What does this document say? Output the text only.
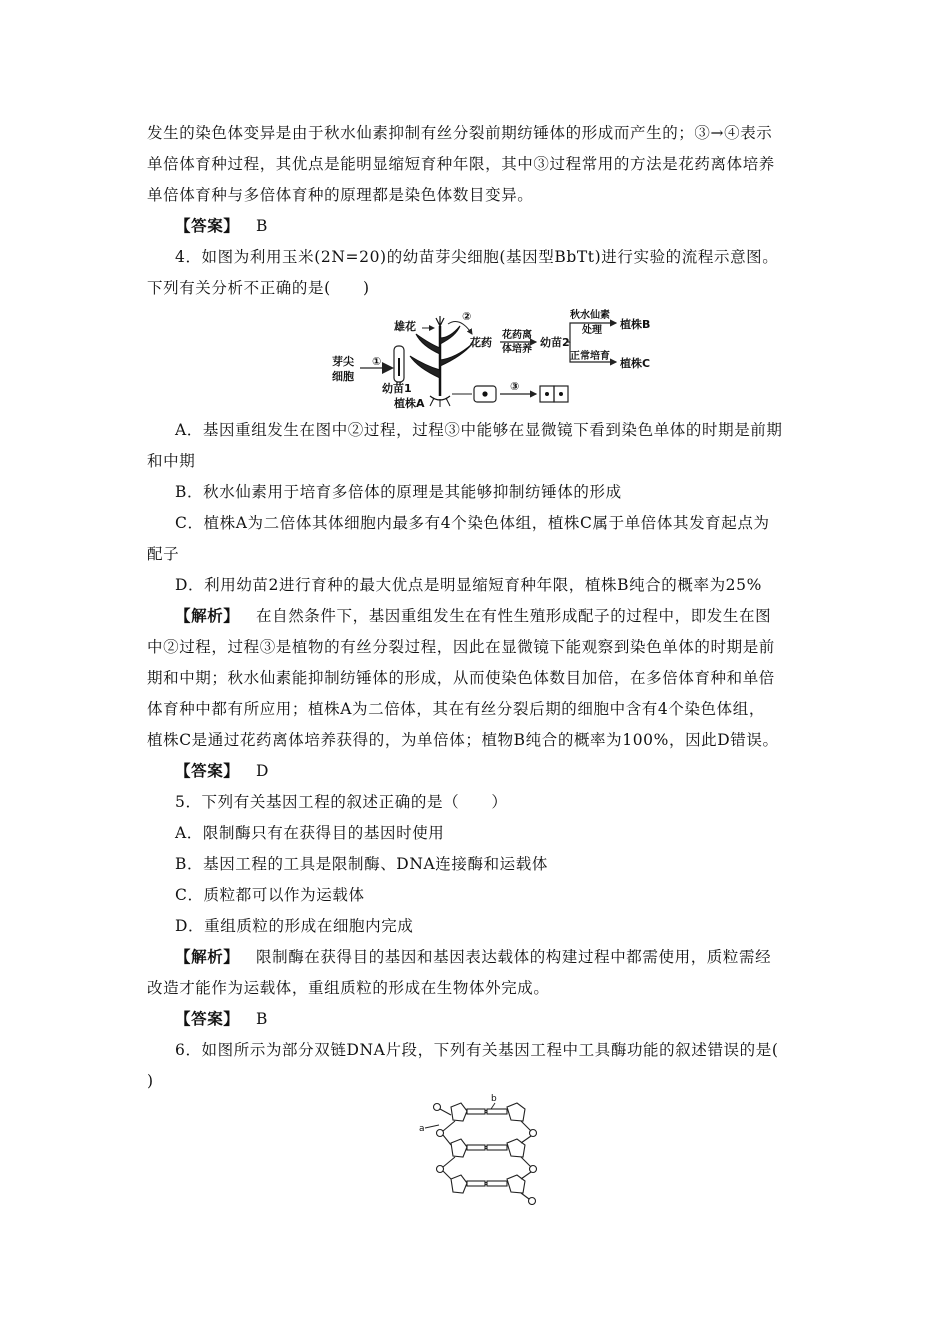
发生的染色体变异是由于秋水仙素抑制有丝分裂前期纺锤体的形成而产生的；③→④表示
单倍体育种过程，其优点是能明显缩短育种年限，其中③过程常用的方法是花药离体培养
单倍体育种与多倍体育种的原理都是染色体数目变异。
【答案】 B
4．如图为利用玉米(2N=20)的幼苗芽尖细胞(基因型BbTt)进行实验的流程示意图。
下列有关分析不正确的是(　　)
芽尖
细胞
①
幼苗1
植株A
雄花
②
花药
花药离
体培养
幼苗2
秋水仙素
处理 植株B
正常培育
植株C
③
A．基因重组发生在图中②过程，过程③中能够在显微镜下看到染色单体的时期是前期
和中期
B．秋水仙素用于培育多倍体的原理是其能够抑制纺锤体的形成
C．植株A为二倍体其体细胞内最多有4个染色体组，植株C属于单倍体其发育起点为
配子
D．利用幼苗2进行育种的最大优点是明显缩短育种年限，植株B纯合的概率为25%
【解析】 在自然条件下，基因重组发生在有性生殖形成配子的过程中，即发生在图
中②过程，过程③是植物的有丝分裂过程，因此在显微镜下能观察到染色单体的时期是前
期和中期；秋水仙素能抑制纺锤体的形成，从而使染色体数目加倍，在多倍体育种和单倍
体育种中都有所应用；植株A为二倍体，其在有丝分裂后期的细胞中含有4个染色体组，
植株C是通过花药离体培养获得的，为单倍体；植物B纯合的概率为100%，因此D错误。
【答案】 D
5．下列有关基因工程的叙述正确的是（　　）
A．限制酶只有在获得目的基因时使用
B．基因工程的工具是限制酶、DNA连接酶和运载体
C．质粒都可以作为运载体
D．重组质粒的形成在细胞内完成
【解析】 限制酶在获得目的基因和基因表达载体的构建过程中都需使用，质粒需经
改造才能作为运载体，重组质粒的形成在生物体外完成。
【答案】 B
6．如图所示为部分双链DNA片段，下列有关基因工程中工具酶功能的叙述错误的是(
)
a
b
